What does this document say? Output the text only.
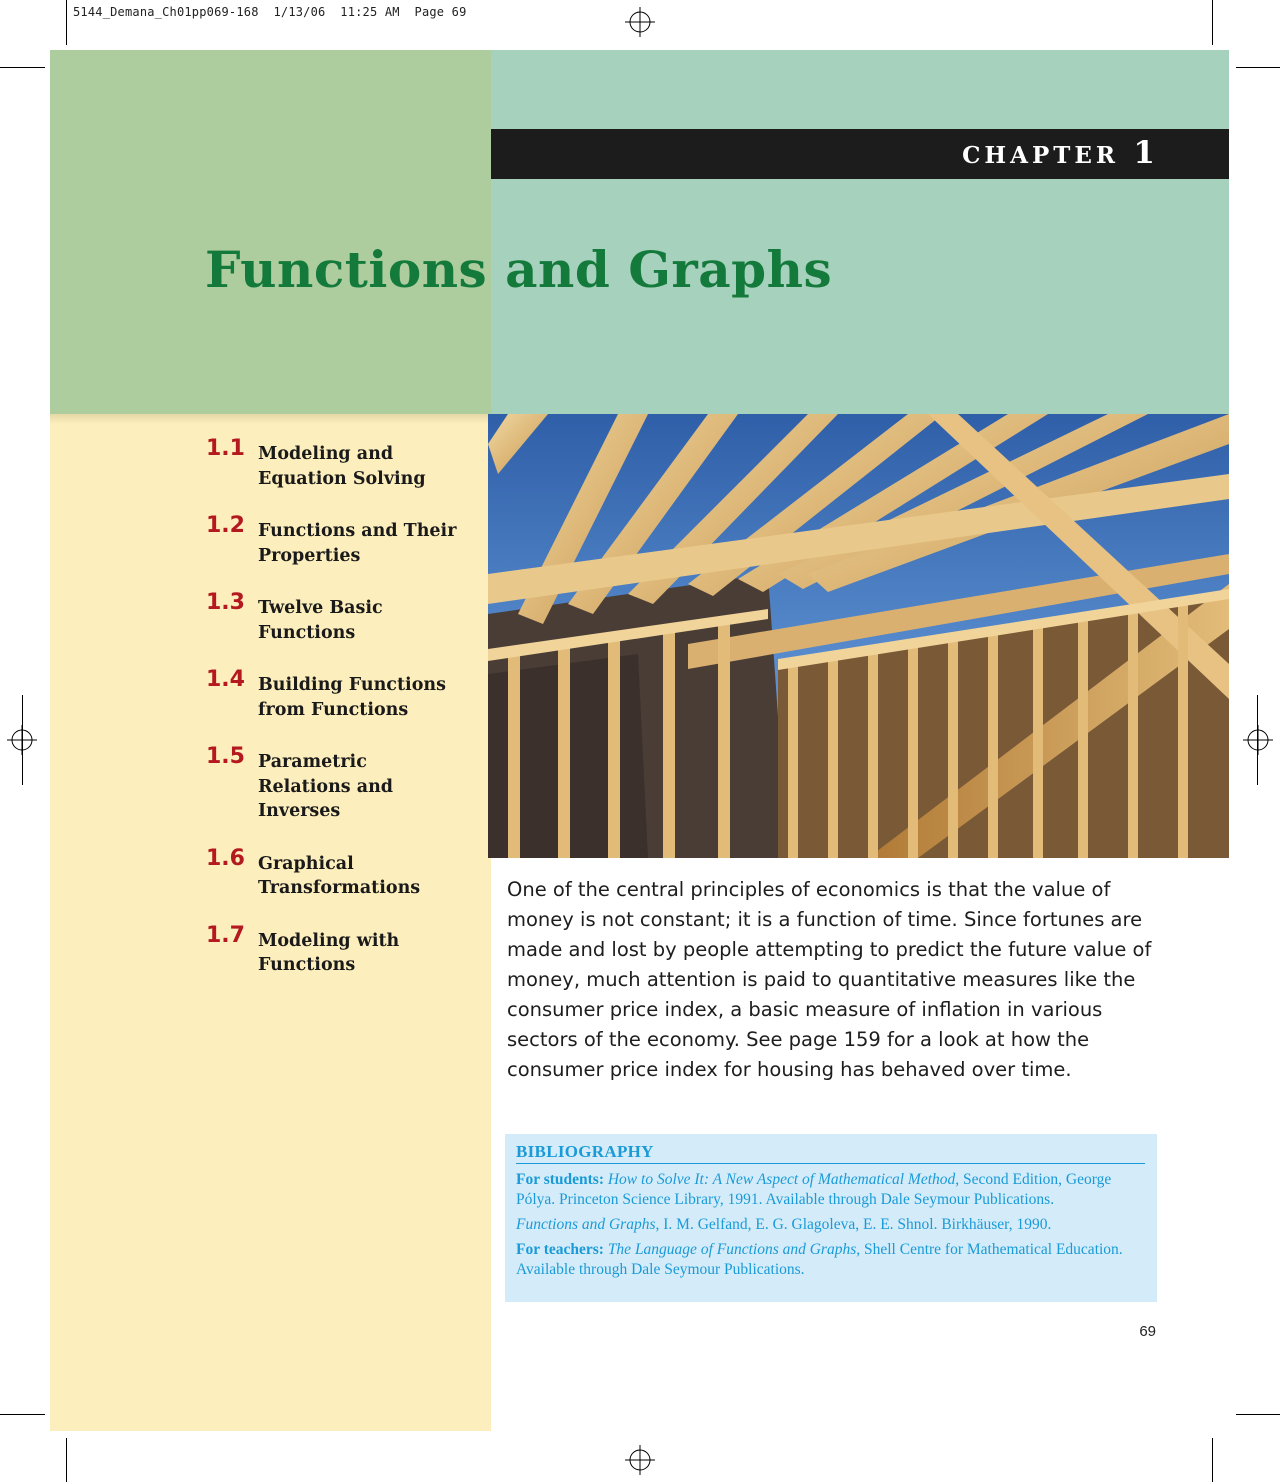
5144_Demana_Ch01pp069-168  1/13/06  11:25 AM  Page 69
CHAPTER 1
Functions and Graphs
1.1 Modeling and Equation Solving
1.2 Functions and Their Properties
1.3 Twelve Basic Functions
1.4 Building Functions from Functions
1.5 Parametric Relations and Inverses
1.6 Graphical Transformations
1.7 Modeling with Functions

One of the central principles of economics is that the value of money is not constant; it is a function of time. Since fortunes are made and lost by people attempting to predict the future value of money, much attention is paid to quantitative measures like the consumer price index, a basic measure of inflation in various sectors of the economy. See page 159 for a look at how the consumer price index for housing has behaved over time.

BIBLIOGRAPHY

For students: How to Solve It: A New Aspect of Mathematical Method, Second Edition, George Pólya. Princeton Science Library, 1991. Available through Dale Seymour Publications.

Functions and Graphs, I. M. Gelfand, E. G. Glagoleva, E. E. Shnol. Birkhäuser, 1990.

For teachers: The Language of Functions and Graphs, Shell Centre for Mathematical Education. Available through Dale Seymour Publications.

69
